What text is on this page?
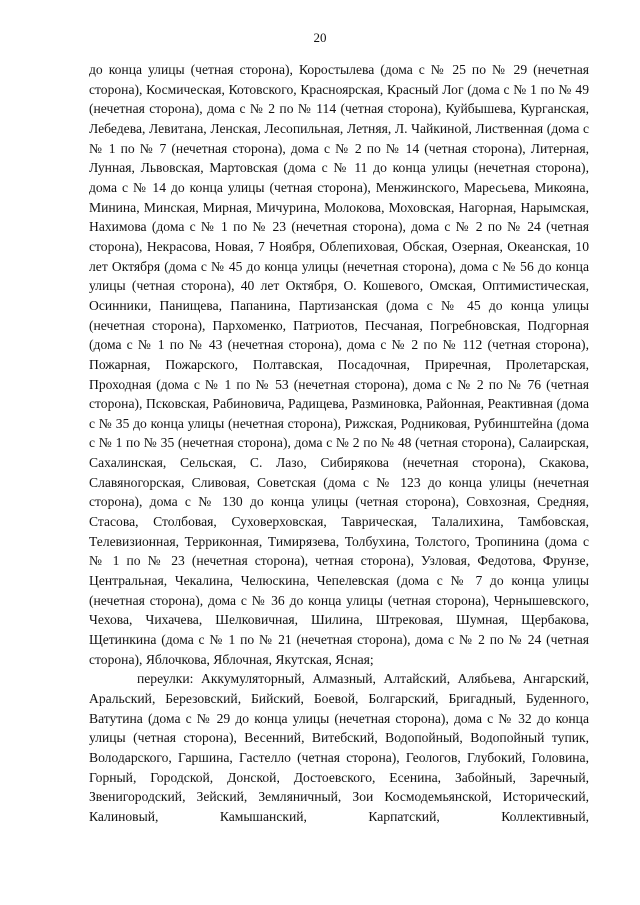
20

до конца улицы (четная сторона), Коростылева (дома с № 25 по № 29 (нечетная сторона), Космическая, Котовского, Красноярская, Красный Лог (дома с № 1 по № 49 (нечетная сторона), дома с № 2 по № 114 (четная сторона), Куйбышева, Курганская, Лебедева, Левитана, Ленская, Лесопильная, Летняя, Л. Чайкиной, Лиственная (дома с № 1 по № 7 (нечетная сторона), дома с № 2 по № 14 (четная сторона), Литерная, Лунная, Львовская, Мартовская (дома с № 11 до конца улицы (нечетная сторона), дома с № 14 до конца улицы (четная сторона), Менжинского, Маресьева, Микояна, Минина, Минская, Мирная, Мичурина, Молокова, Моховская, Нагорная, Нарымская, Нахимова (дома с № 1 по № 23 (нечетная сторона), дома с № 2 по № 24 (четная сторона), Некрасова, Новая, 7 Ноября, Облепиховая, Обская, Озерная, Океанская, 10 лет Октября (дома с № 45 до конца улицы (нечетная сторона), дома с № 56 до конца улицы (четная сторона), 40 лет Октября, О. Кошевого, Омская, Оптимистическая, Осинники, Панищева, Папанина, Партизанская (дома с № 45 до конца улицы (нечетная сторона), Пархоменко, Патриотов, Песчаная, Погребновская, Подгорная (дома с № 1 по № 43 (нечетная сторона), дома с № 2 по № 112 (четная сторона), Пожарная, Пожарского, Полтавская, Посадочная, Приречная, Пролетарская, Проходная (дома с № 1 по № 53 (нечетная сторона), дома с № 2 по № 76 (четная сторона), Псковская, Рабиновича, Радищева, Разминовка, Районная, Реактивная (дома с № 35 до конца улицы (нечетная сторона), Рижская, Родниковая, Рубинштейна (дома с № 1 по № 35 (нечетная сторона), дома с № 2 по № 48 (четная сторона), Салаирская, Сахалинская, Сельская, С. Лазо, Сибирякова (нечетная сторона), Скакова, Славяногорская, Сливовая, Советская (дома с № 123 до конца улицы (нечетная сторона), дома с № 130 до конца улицы (четная сторона), Совхозная, Средняя, Стасова, Столбовая, Суховерховская, Таврическая, Талалихина, Тамбовская, Телевизионная, Терриконная, Тимирязева, Толбухина, Толстого, Тропинина (дома с № 1 по № 23 (нечетная сторона), четная сторона), Узловая, Федотова, Фрунзе, Центральная, Чекалина, Челюскина, Чепелевская (дома с № 7 до конца улицы (нечетная сторона), дома с № 36 до конца улицы (четная сторона), Чернышевского, Чехова, Чихачева, Шелковичная, Шилина, Штрековая, Шумная, Щербакова, Щетинкина (дома с № 1 по № 21 (нечетная сторона), дома с № 2 по № 24 (четная сторона), Яблочкова, Яблочная, Якутская, Ясная;

переулки: Аккумуляторный, Алмазный, Алтайский, Алябьева, Ангарский, Аральский, Березовский, Бийский, Боевой, Болгарский, Бригадный, Буденного, Ватутина (дома с № 29 до конца улицы (нечетная сторона), дома с № 32 до конца улицы (четная сторона), Весенний, Витебский, Водопойный, Водопойный тупик, Володарского, Гаршина, Гастелло (четная сторона), Геологов, Глубокий, Головина, Горный, Городской, Донской, Достоевского, Есенина, Забойный, Заречный, Звенигородский, Зейский, Земляничный, Зои Космодемьянской, Исторический, Калиновый, Камышанский, Карпатский, Коллективный,
